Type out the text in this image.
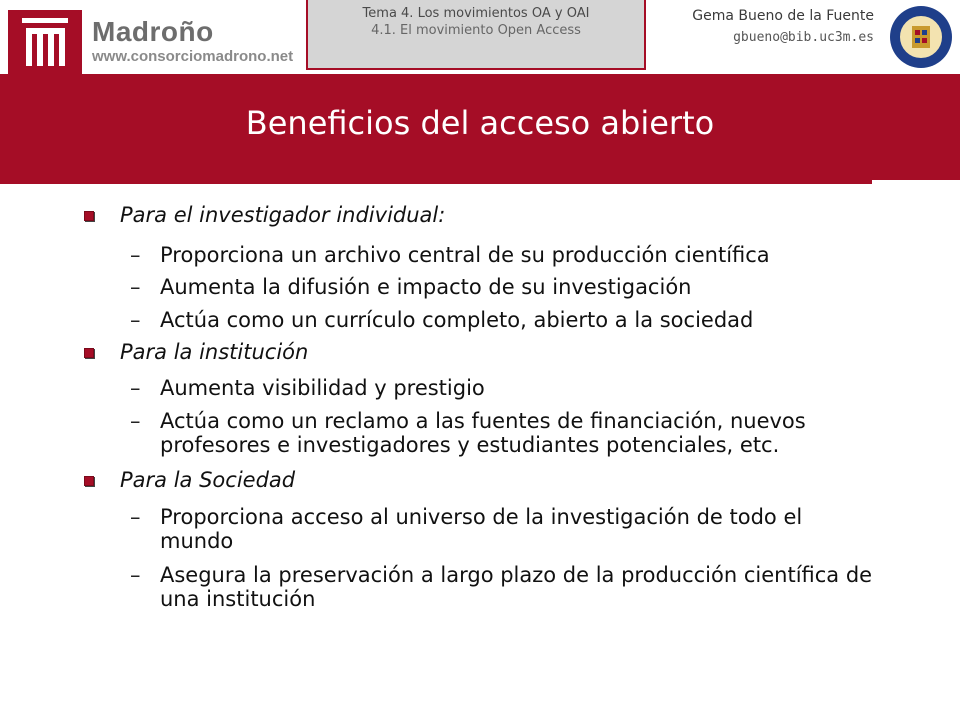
Madroño
www.consorciomadrono.net
Tema 4. Los movimientos OA y OAI
4.1. El movimiento Open Access
Gema Bueno de la Fuente
gbueno@bib.uc3m.es
Beneficios del acceso abierto
Para el investigador individual:
– Proporciona un archivo central de su producción científica
– Aumenta la difusión e impacto de su investigación
– Actúa como un currículo completo, abierto a la sociedad
Para la institución
– Aumenta visibilidad y prestigio
– Actúa como un reclamo a las fuentes de financiación, nuevos profesores e investigadores y estudiantes potenciales, etc.
Para la Sociedad
– Proporciona acceso al universo de la investigación de todo el mundo
– Asegura la preservación a largo plazo de la producción científica de una institución
